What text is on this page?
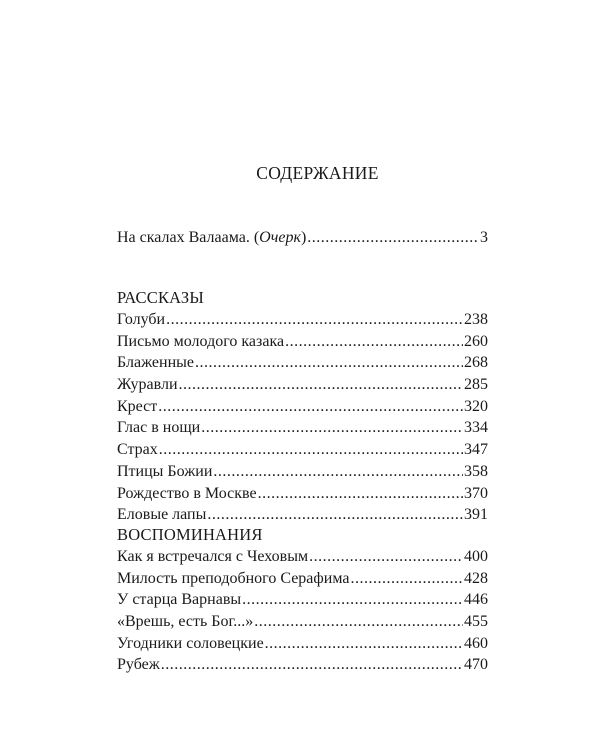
СОДЕРЖАНИЕ
На скалах Валаама. (Очерк) .....	3
РАССКАЗЫ
Голуби .....	238
Письмо молодого казака .....	260
Блаженные .....	268
Журавли .....	285
Крест .....	320
Глас в нощи .....	334
Страх .....	347
Птицы Божии .....	358
Рождество в Москве .....	370
Еловые лапы .....	391
ВОСПОМИНАНИЯ
Как я встречался с Чеховым .....	400
Милость преподобного Серафима .....	428
У старца Варнавы .....	446
«Врешь, есть Бог...» .....	455
Угодники соловецкие .....	460
Рубеж .....	470
